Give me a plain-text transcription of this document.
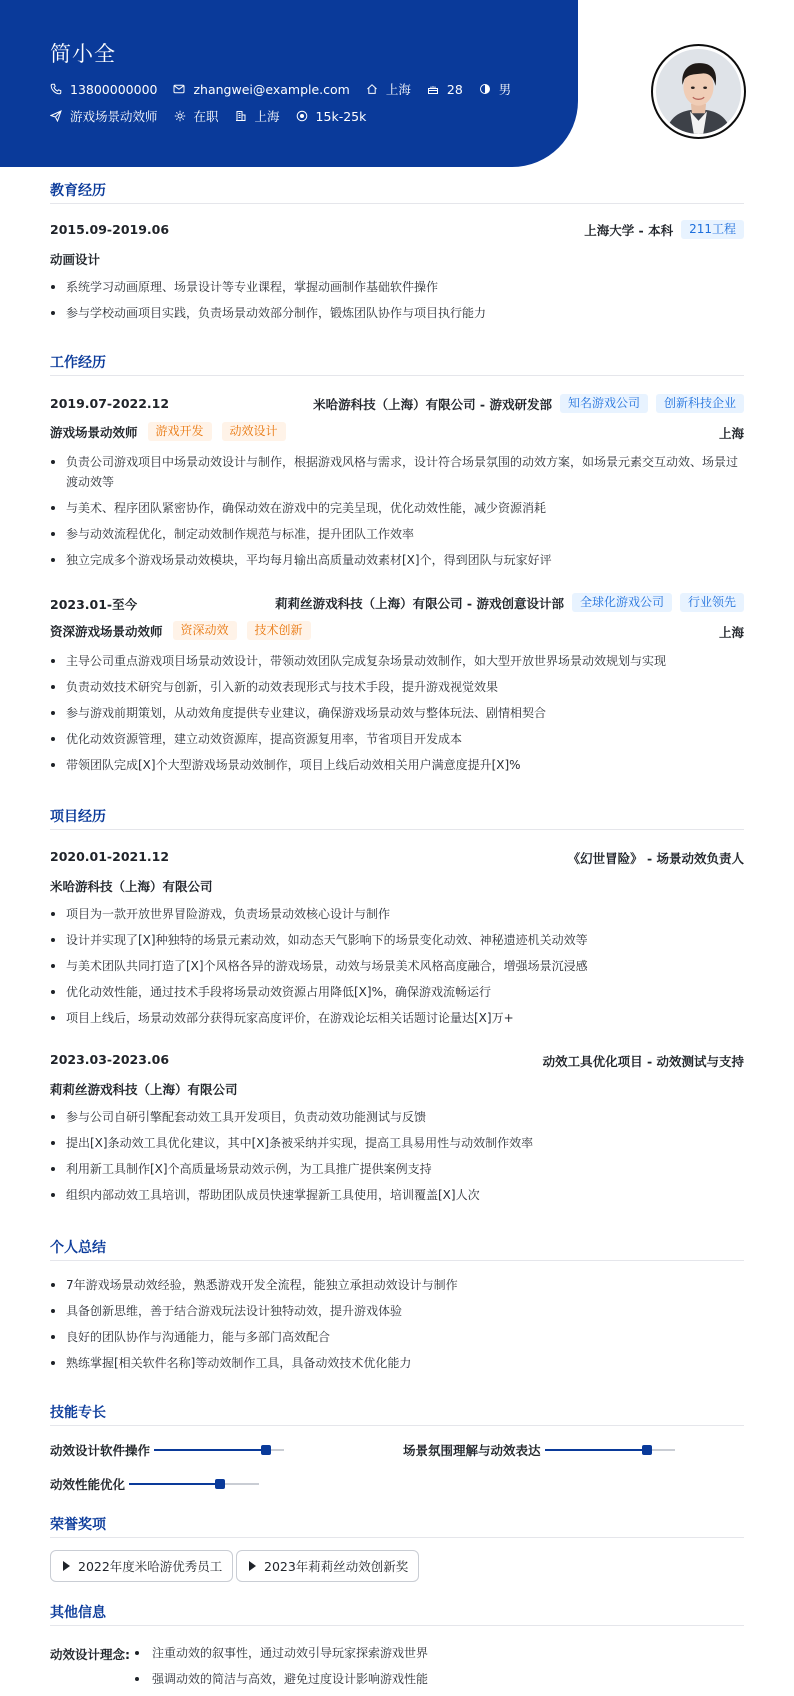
简小全
13800000000	zhangwei@example.com	上海	28	男
游戏场景动效师	在职	上海	15k-25k
教育经历
2015.09-2019.06	上海大学 - 本科	211工程
动画设计
系统学习动画原理、场景设计等专业课程，掌握动画制作基础软件操作
参与学校动画项目实践，负责场景动效部分制作，锻炼团队协作与项目执行能力
工作经历
2019.07-2022.12	米哈游科技（上海）有限公司 - 游戏研发部	知名游戏公司	创新科技企业
游戏场景动效师	游戏开发	动效设计	上海
负责公司游戏项目中场景动效设计与制作，根据游戏风格与需求，设计符合场景氛围的动效方案，如场景元素交互动效、场景过渡动效等
与美术、程序团队紧密协作，确保动效在游戏中的完美呈现，优化动效性能，减少资源消耗
参与动效流程优化，制定动效制作规范与标准，提升团队工作效率
独立完成多个游戏场景动效模块，平均每月输出高质量动效素材[X]个，得到团队与玩家好评
2023.01-至今	莉莉丝游戏科技（上海）有限公司 - 游戏创意设计部	全球化游戏公司	行业领先
资深游戏场景动效师	资深动效	技术创新	上海
主导公司重点游戏项目场景动效设计，带领动效团队完成复杂场景动效制作，如大型开放世界场景动效规划与实现
负责动效技术研究与创新，引入新的动效表现形式与技术手段，提升游戏视觉效果
参与游戏前期策划，从动效角度提供专业建议，确保游戏场景动效与整体玩法、剧情相契合
优化动效资源管理，建立动效资源库，提高资源复用率，节省项目开发成本
带领团队完成[X]个大型游戏场景动效制作，项目上线后动效相关用户满意度提升[X]%
项目经历
2020.01-2021.12	《幻世冒险》 - 场景动效负责人
米哈游科技（上海）有限公司
项目为一款开放世界冒险游戏，负责场景动效核心设计与制作
设计并实现了[X]种独特的场景元素动效，如动态天气影响下的场景变化动效、神秘遗迹机关动效等
与美术团队共同打造了[X]个风格各异的游戏场景，动效与场景美术风格高度融合，增强场景沉浸感
优化动效性能，通过技术手段将场景动效资源占用降低[X]%，确保游戏流畅运行
项目上线后，场景动效部分获得玩家高度评价，在游戏论坛相关话题讨论量达[X]万+
2023.03-2023.06	动效工具优化项目 - 动效测试与支持
莉莉丝游戏科技（上海）有限公司
参与公司自研引擎配套动效工具开发项目，负责动效功能测试与反馈
提出[X]条动效工具优化建议，其中[X]条被采纳并实现，提高工具易用性与动效制作效率
利用新工具制作[X]个高质量场景动效示例，为工具推广提供案例支持
组织内部动效工具培训，帮助团队成员快速掌握新工具使用，培训覆盖[X]人次
个人总结
7年游戏场景动效经验，熟悉游戏开发全流程，能独立承担动效设计与制作
具备创新思维，善于结合游戏玩法设计独特动效，提升游戏体验
良好的团队协作与沟通能力，能与多部门高效配合
熟练掌握[相关软件名称]等动效制作工具，具备动效技术优化能力
技能专长
动效设计软件操作	场景氛围理解与动效表达
动效性能优化
荣誉奖项
2022年度米哈游优秀员工	2023年莉莉丝动效创新奖
其他信息
动效设计理念:	注重动效的叙事性，通过动效引导玩家探索游戏世界
强调动效的简洁与高效，避免过度设计影响游戏性能
